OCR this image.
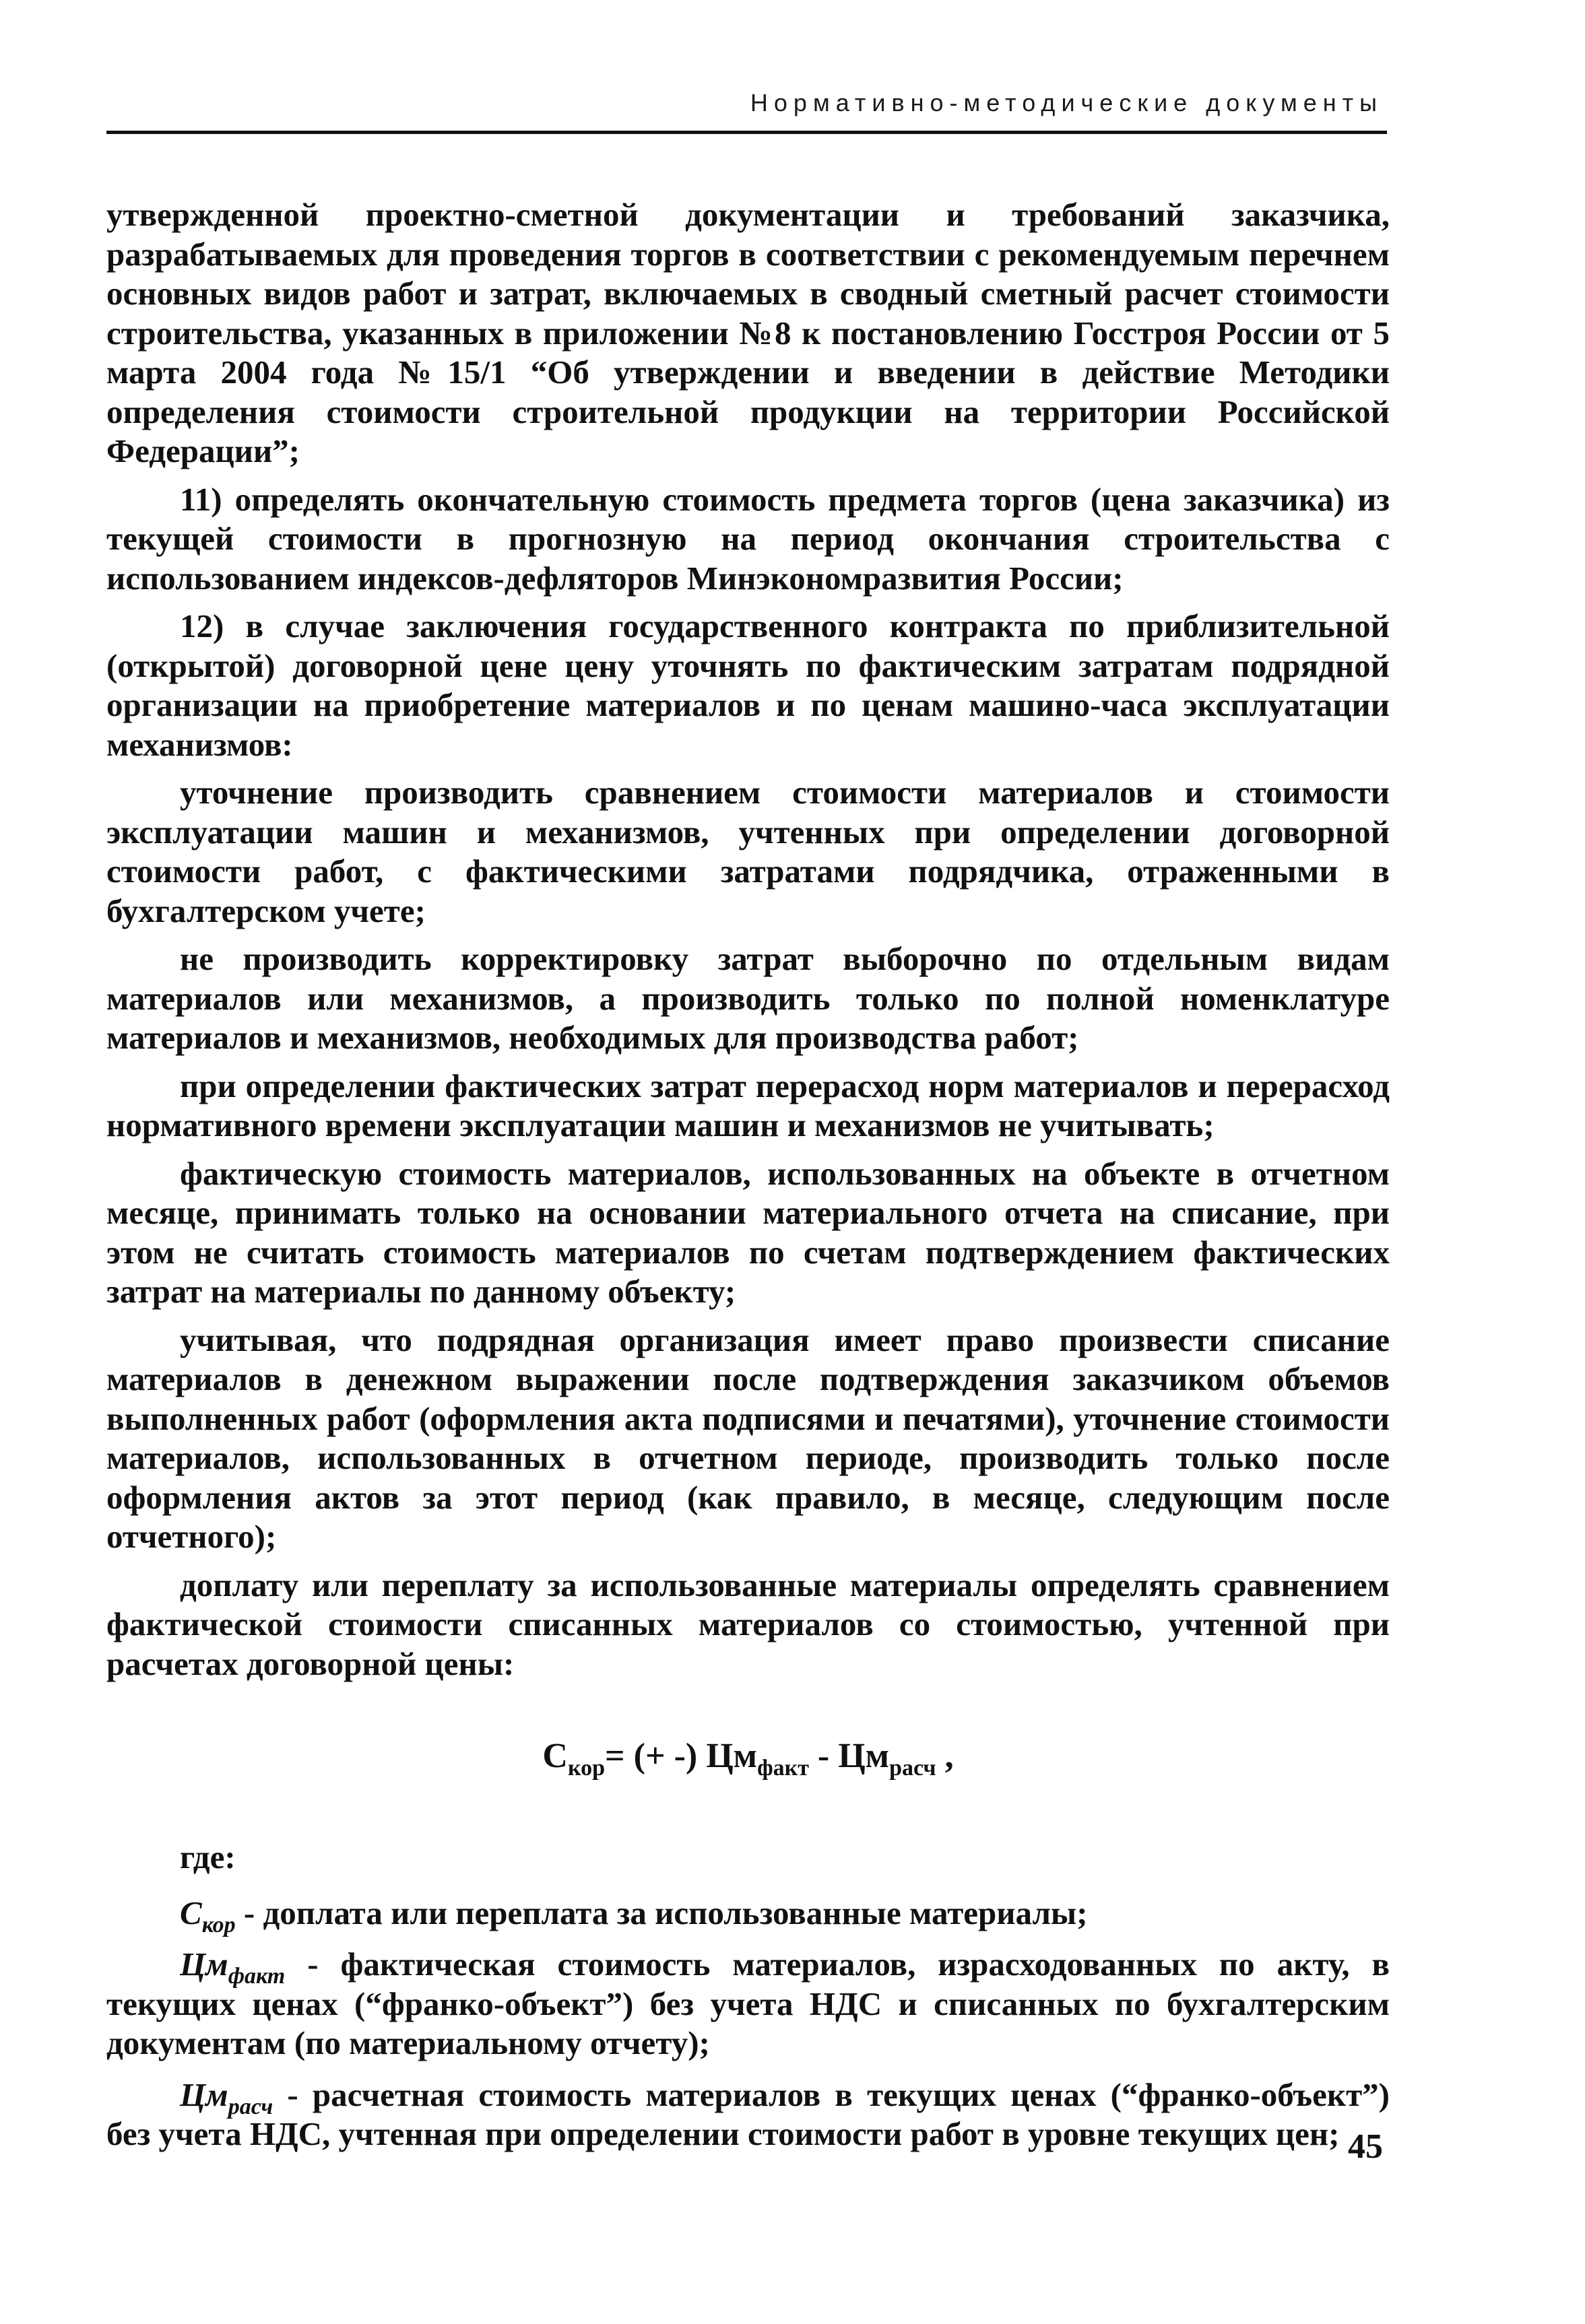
Нормативно-методические документы

утвержденной проектно-сметной документации и требований заказчика, разрабатываемых для проведения торгов в соответствии с рекомендуемым перечнем основных видов работ и затрат, включаемых в сводный сметный расчет стоимости строительства, указанных в приложении №8 к постановлению Госстроя России от 5 марта 2004 года №15/1 “Об утверждении и введении в действие Методики определения стоимости строительной продукции на территории Российской Федерации”;

11) определять окончательную стоимость предмета торгов (цена заказчика) из текущей стоимости в прогнозную на период окончания строительства с использованием индексов-дефляторов Минэкономразвития России;

12) в случае заключения государственного контракта по приблизительной (открытой) договорной цене цену уточнять по фактическим затратам подрядной организации на приобретение материалов и по ценам машино-часа эксплуатации механизмов:

уточнение производить сравнением стоимости материалов и стоимости эксплуатации машин и механизмов, учтенных при определении договорной стоимости работ, с фактическими затратами подрядчика, отраженными в бухгалтерском учете;

не производить корректировку затрат выборочно по отдельным видам материалов или механизмов, а производить только по полной номенклатуре материалов и механизмов, необходимых для производства работ;

при определении фактических затрат перерасход норм материалов и перерасход нормативного времени эксплуатации машин и механизмов не учитывать;

фактическую стоимость материалов, использованных на объекте в отчетном месяце, принимать только на основании материального отчета на списание, при этом не считать стоимость материалов по счетам подтверждением фактических затрат на материалы по данному объекту;

учитывая, что подрядная организация имеет право произвести списание материалов в денежном выражении после подтверждения заказчиком объемов выполненных работ (оформления акта подписями и печатями), уточнение стоимости материалов, использованных в отчетном периоде, производить только после оформления актов за этот период (как правило, в месяце, следующим после отчетного);

доплату или переплату за использованные материалы определять сравнением фактической стоимости списанных материалов со стоимостью, учтенной при расчетах договорной цены:

$С_{кор}=$ (+ -) $Цм_{факт} - Цм_{расч}$ ,

где:

$С_{кор}$ - доплата или переплата за использованные материалы;

$Цм_{факт}$ - фактическая стоимость материалов, израсходованных по акту, в текущих ценах (“франко-объект”) без учета НДС и списанных по бухгалтерским документам (по материальному отчету);

$Цм_{расч}$ - расчетная стоимость материалов в текущих ценах (“франко-объект”) без учета НДС, учтенная при определении стоимости работ в уровне текущих цен; 45
